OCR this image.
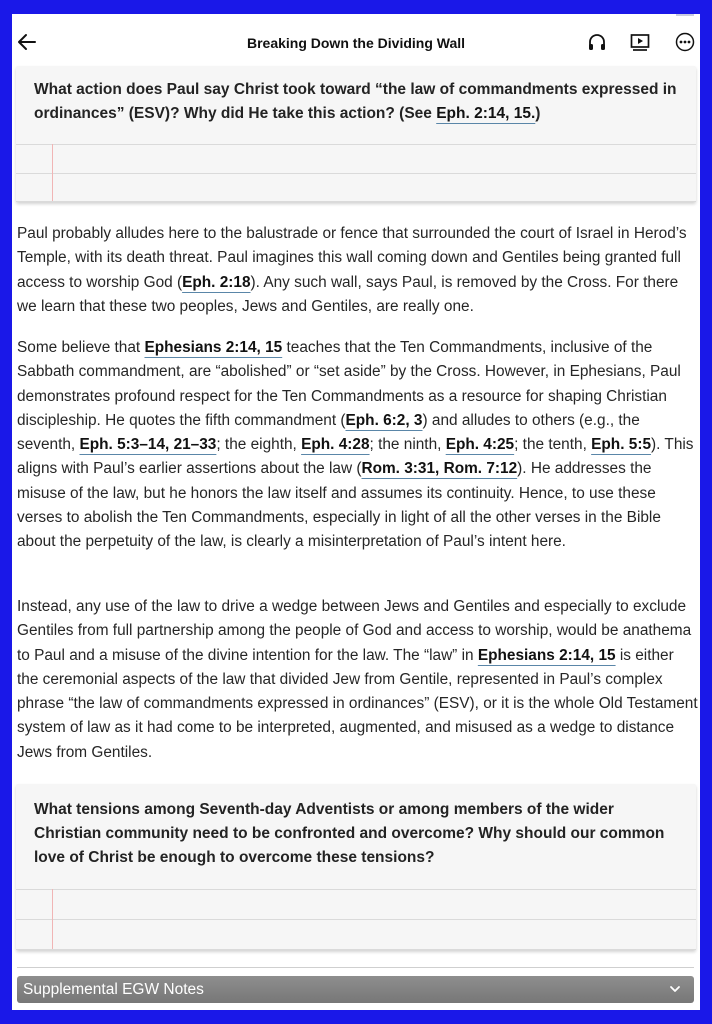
Breaking Down the Dividing Wall
What action does Paul say Christ took toward “the law of commandments expressed in ordinances” (ESV)? Why did He take this action? (See Eph. 2:14, 15.)

Paul probably alludes here to the balustrade or fence that surrounded the court of Israel in Herod’s Temple, with its death threat. Paul imagines this wall coming down and Gentiles being granted full access to worship God (Eph. 2:18). Any such wall, says Paul, is removed by the Cross. For there we learn that these two peoples, Jews and Gentiles, are really one.

Some believe that Ephesians 2:14, 15 teaches that the Ten Commandments, inclusive of the Sabbath commandment, are “abolished” or “set aside” by the Cross. However, in Ephesians, Paul demonstrates profound respect for the Ten Commandments as a resource for shaping Christian discipleship. He quotes the fifth commandment (Eph. 6:2, 3) and alludes to others (e.g., the seventh, Eph. 5:3–14, 21–33; the eighth, Eph. 4:28; the ninth, Eph. 4:25; the tenth, Eph. 5:5). This aligns with Paul’s earlier assertions about the law (Rom. 3:31, Rom. 7:12). He addresses the misuse of the law, but he honors the law itself and assumes its continuity. Hence, to use these verses to abolish the Ten Commandments, especially in light of all the other verses in the Bible about the perpetuity of the law, is clearly a misinterpretation of Paul’s intent here.

Instead, any use of the law to drive a wedge between Jews and Gentiles and especially to exclude Gentiles from full partnership among the people of God and access to worship, would be anathema to Paul and a misuse of the divine intention for the law. The “law” in Ephesians 2:14, 15 is either the ceremonial aspects of the law that divided Jew from Gentile, represented in Paul’s complex phrase “the law of commandments expressed in ordinances” (ESV), or it is the whole Old Testament system of law as it had come to be interpreted, augmented, and misused as a wedge to distance Jews from Gentiles.

What tensions among Seventh-day Adventists or among members of the wider Christian community need to be confronted and overcome? Why should our common love of Christ be enough to overcome these tensions?
Supplemental EGW Notes
